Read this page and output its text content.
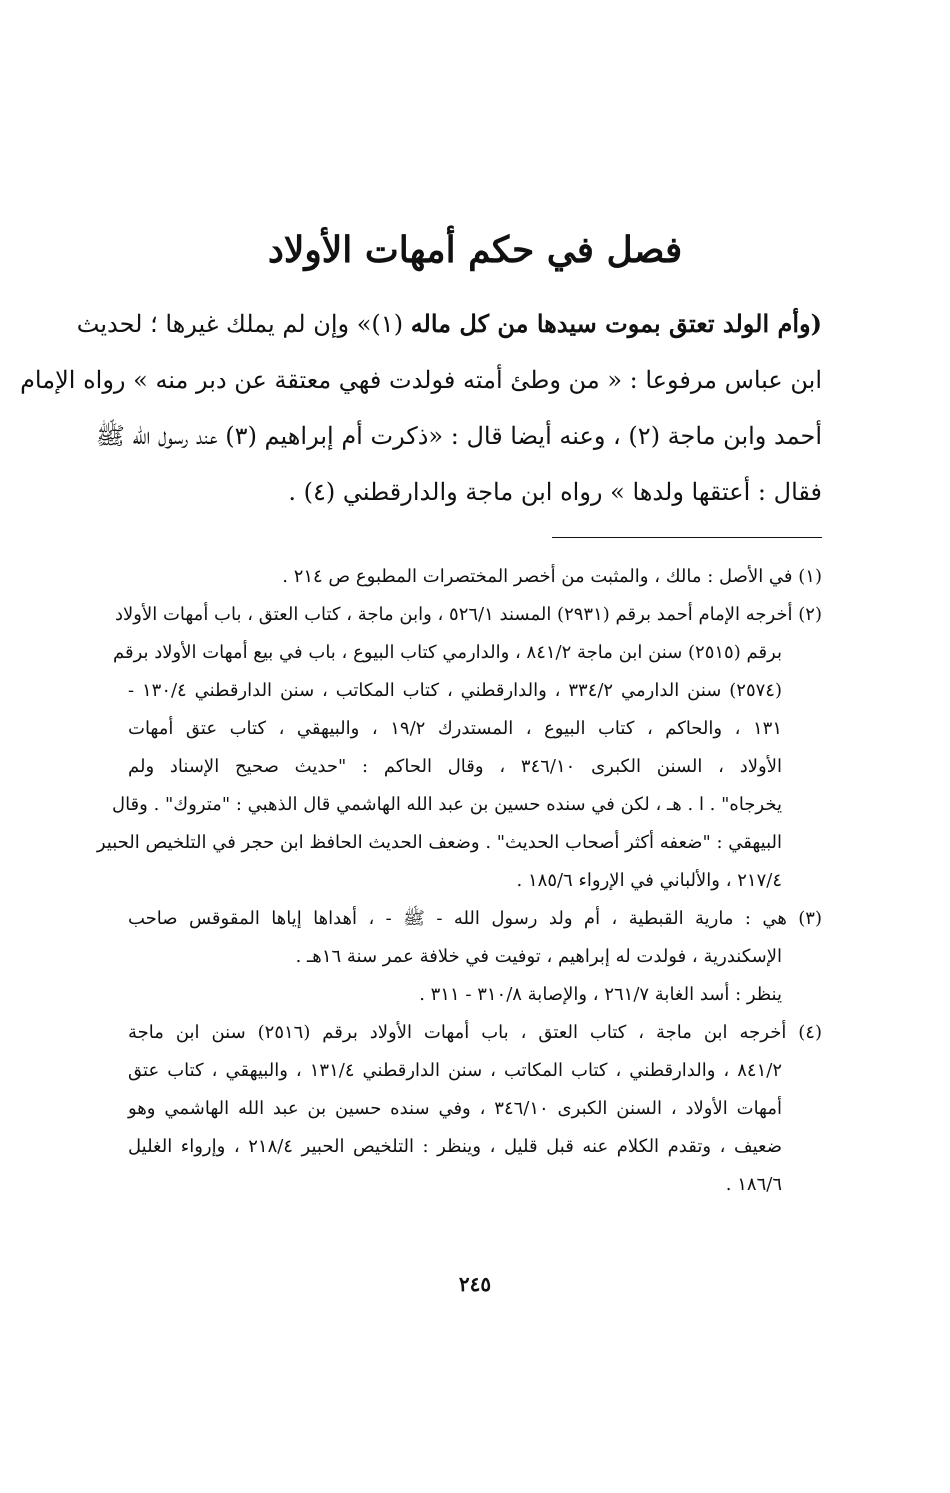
فصل في حكم أمهات الأولاد
(وأم الولد تعتق بموت سيدها من كل ماله (١)» وإن لم يملك غيرها ؛ لحديث
ابن عباس مرفوعا : « من وطئ أمته فولدت فهي معتقة عن دبر منه » رواه الإمام
أحمد وابن ماجة (٢) ، وعنه أيضا قال : «ذكرت أم إبراهيم (٣) عند رسول الله ﷺ
فقال : أعتقها ولدها » رواه ابن ماجة والدارقطني (٤) .
(١) في الأصل : مالك ، والمثبت من أخصر المختصرات المطبوع ص ٢١٤ .
(٢) أخرجه الإمام أحمد برقم (٢٩٣١) المسند ٥٢٦/١ ، وابن ماجة ، كتاب العتق ، باب أمهات الأولاد
برقم (٢٥١٥) سنن ابن ماجة ٨٤١/٢ ، والدارمي كتاب البيوع ، باب في بيع أمهات الأولاد برقم
(٢٥٧٤) سنن الدارمي ٣٣٤/٢ ، والدارقطني ، كتاب المكاتب ، سنن الدارقطني ١٣٠/٤ -
١٣١ ، والحاكم ، كتاب البيوع ، المستدرك ١٩/٢ ، والبيهقي ، كتاب عتق أمهات
الأولاد ، السنن الكبرى ٣٤٦/١٠ ، وقال الحاكم : "حديث صحيح الإسناد ولم
يخرجاه" . ا . هـ ، لكن في سنده حسين بن عبد الله الهاشمي قال الذهبي : "متروك" . وقال
البيهقي : "ضعفه أكثر أصحاب الحديث" . وضعف الحديث الحافظ ابن حجر في التلخيص الحبير
٢١٧/٤ ، والألباني في الإرواء ١٨٥/٦ .
(٣) هي : مارية القبطية ، أم ولد رسول الله - ﷺ - ، أهداها إياها المقوقس صاحب
الإسكندرية ، فولدت له إبراهيم ، توفيت في خلافة عمر سنة ١٦هـ .
ينظر : أسد الغابة ٢٦١/٧ ، والإصابة ٣١٠/٨ - ٣١١ .
(٤) أخرجه ابن ماجة ، كتاب العتق ، باب أمهات الأولاد برقم (٢٥١٦) سنن ابن ماجة
٨٤١/٢ ، والدارقطني ، كتاب المكاتب ، سنن الدارقطني ١٣١/٤ ، والبيهقي ، كتاب عتق
أمهات الأولاد ، السنن الكبرى ٣٤٦/١٠ ، وفي سنده حسين بن عبد الله الهاشمي وهو
ضعيف ، وتقدم الكلام عنه قبل قليل ، وينظر : التلخيص الحبير ٢١٨/٤ ، وإرواء الغليل
١٨٦/٦ .
٢٤٥
